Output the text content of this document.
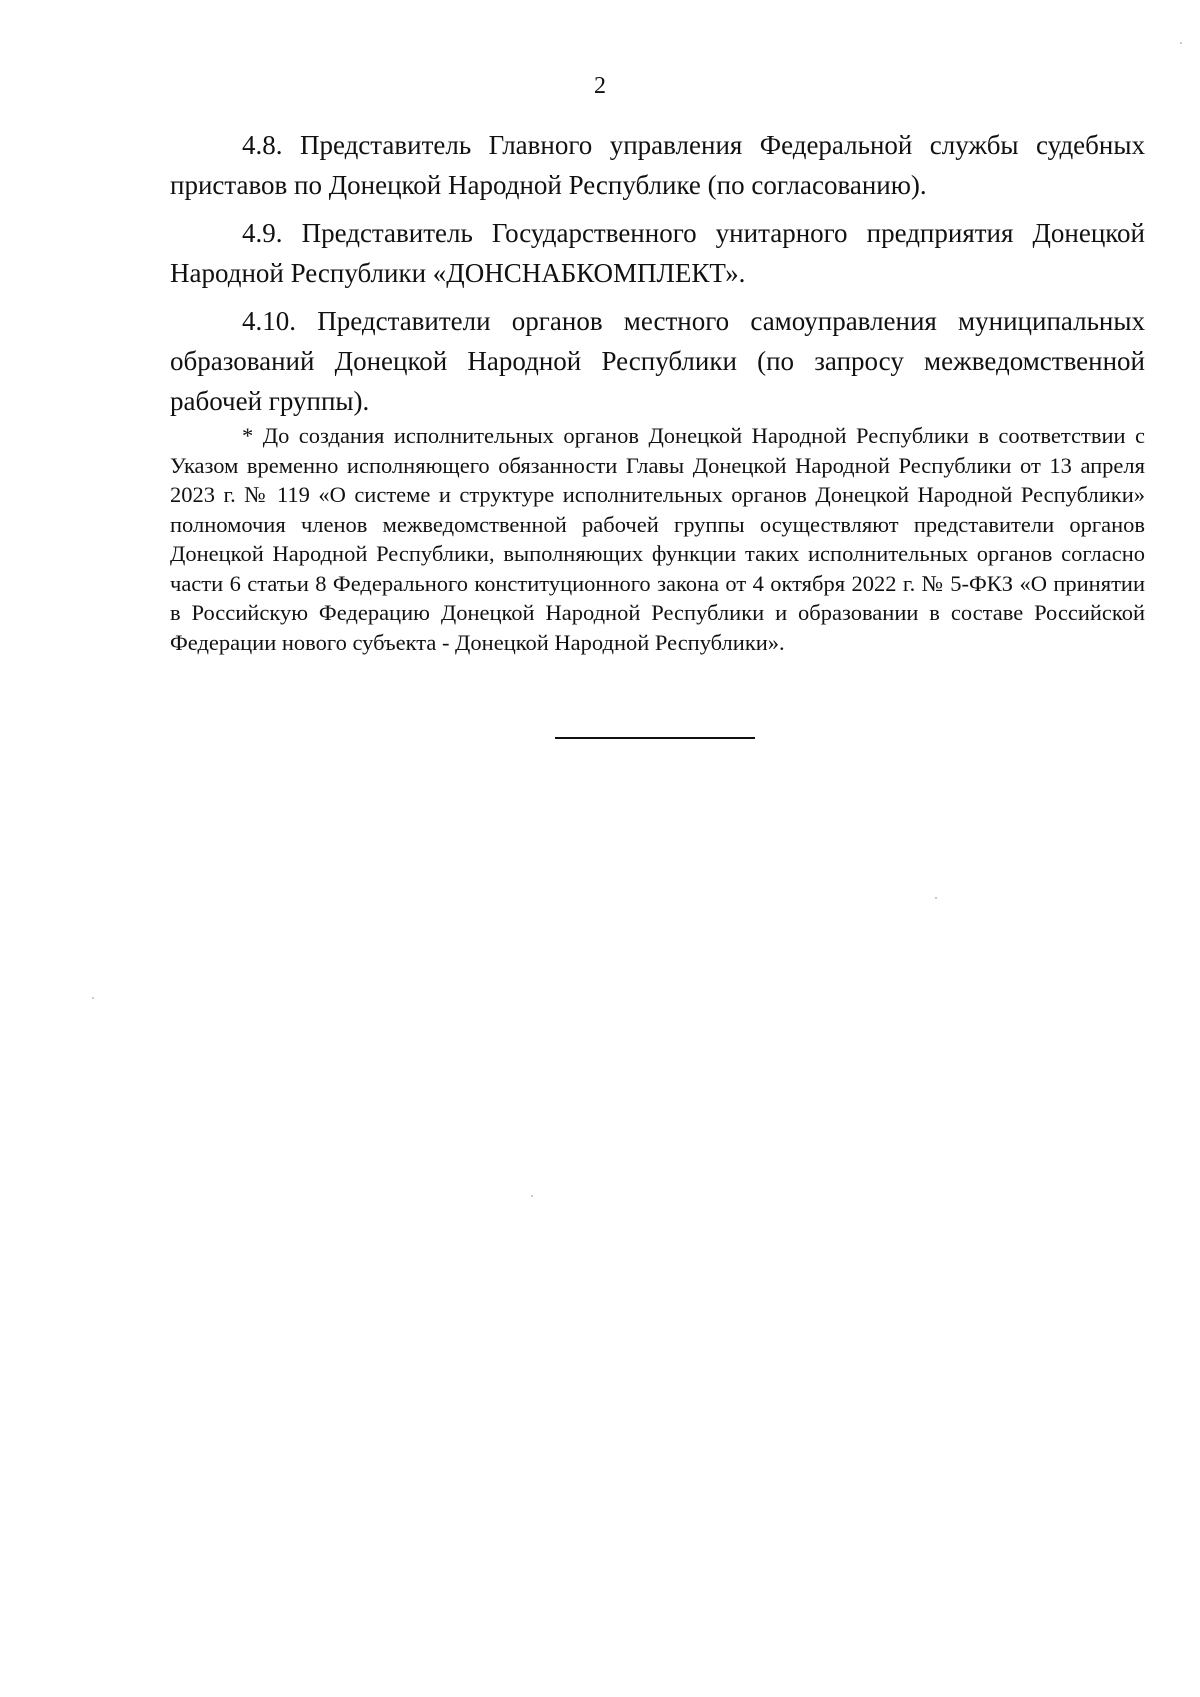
2

4.8. Представитель Главного управления Федеральной службы судебных приставов по Донецкой Народной Республике (по согласованию).

4.9. Представитель Государственного унитарного предприятия Донецкой Народной Республики «ДОНСНАБКОМПЛЕКТ».

4.10. Представители органов местного самоуправления муниципальных образований Донецкой Народной Республики (по запросу межведомственной рабочей группы).

* До создания исполнительных органов Донецкой Народной Республики в соответствии с Указом временно исполняющего обязанности Главы Донецкой Народной Республики от 13 апреля 2023 г. № 119 «О системе и структуре исполнительных органов Донецкой Народной Республики» полномочия членов межведомственной рабочей группы осуществляют представители органов Донецкой Народной Республики, выполняющих функции таких исполнительных органов согласно части 6 статьи 8 Федерального конституционного закона от 4 октября 2022 г. № 5-ФКЗ «О принятии в Российскую Федерацию Донецкой Народной Республики и образовании в составе Российской Федерации нового субъекта - Донецкой Народной Республики».
